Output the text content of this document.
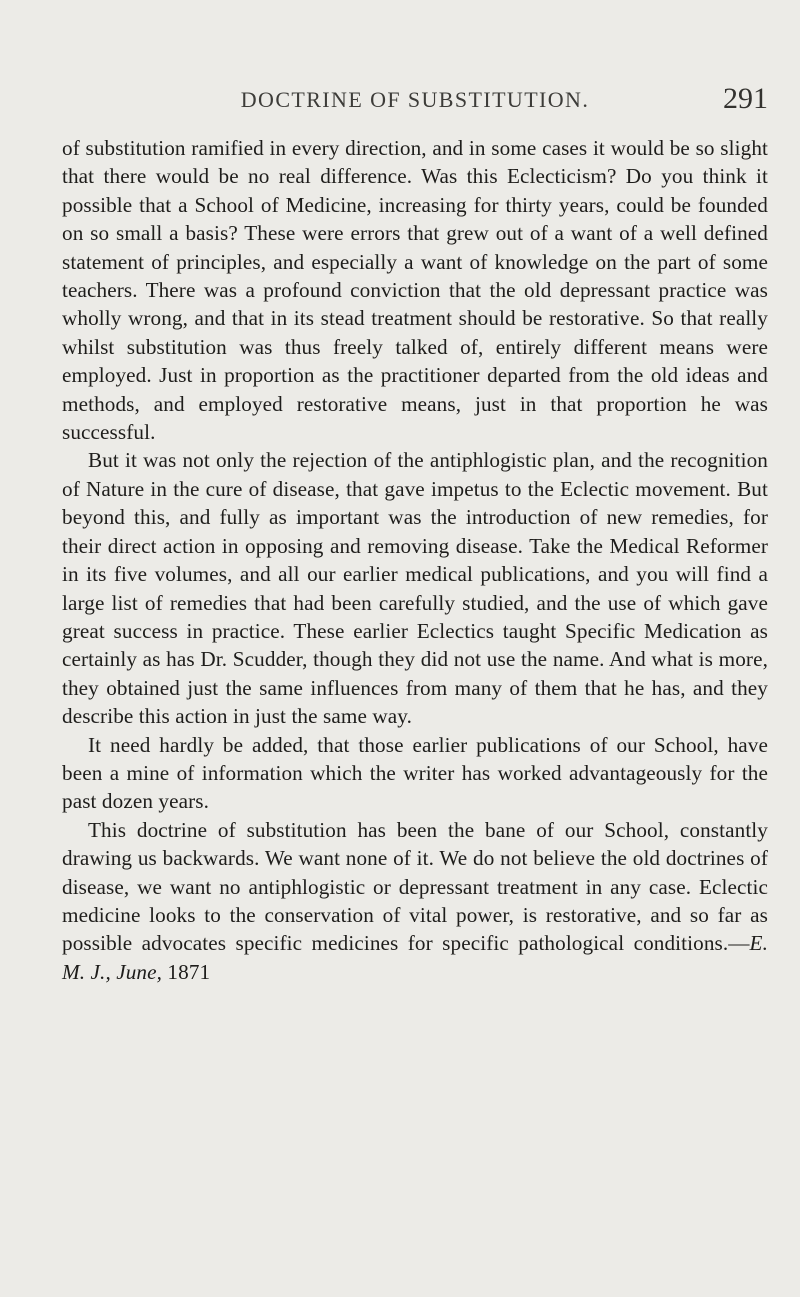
DOCTRINE OF SUBSTITUTION.	291

of substitution ramified in every direction, and in some cases it would be so slight that there would be no real difference. Was this Eclecticism? Do you think it possible that a School of Medicine, increasing for thirty years, could be founded on so small a basis? These were errors that grew out of a want of a well defined statement of principles, and especially a want of knowledge on the part of some teachers. There was a profound conviction that the old depressant practice was wholly wrong, and that in its stead treatment should be restorative. So that really whilst substitution was thus freely talked of, entirely different means were employed. Just in proportion as the practitioner departed from the old ideas and methods, and employed restorative means, just in that proportion he was successful.

But it was not only the rejection of the antiphlogistic plan, and the recognition of Nature in the cure of disease, that gave impetus to the Eclectic movement. But beyond this, and fully as important was the introduction of new remedies, for their direct action in opposing and removing disease. Take the Medical Reformer in its five volumes, and all our earlier medical publications, and you will find a large list of remedies that had been carefully studied, and the use of which gave great success in practice. These earlier Eclectics taught Specific Medication as certainly as has Dr. Scudder, though they did not use the name. And what is more, they obtained just the same influences from many of them that he has, and they describe this action in just the same way.

It need hardly be added, that those earlier publications of our School, have been a mine of information which the writer has worked advantageously for the past dozen years.

This doctrine of substitution has been the bane of our School, constantly drawing us backwards. We want none of it. We do not believe the old doctrines of disease, we want no antiphlogistic or depressant treatment in any case. Eclectic medicine looks to the conservation of vital power, is restorative, and so far as possible advocates specific medicines for specific pathological conditions.—E. M. J., June, 1871
